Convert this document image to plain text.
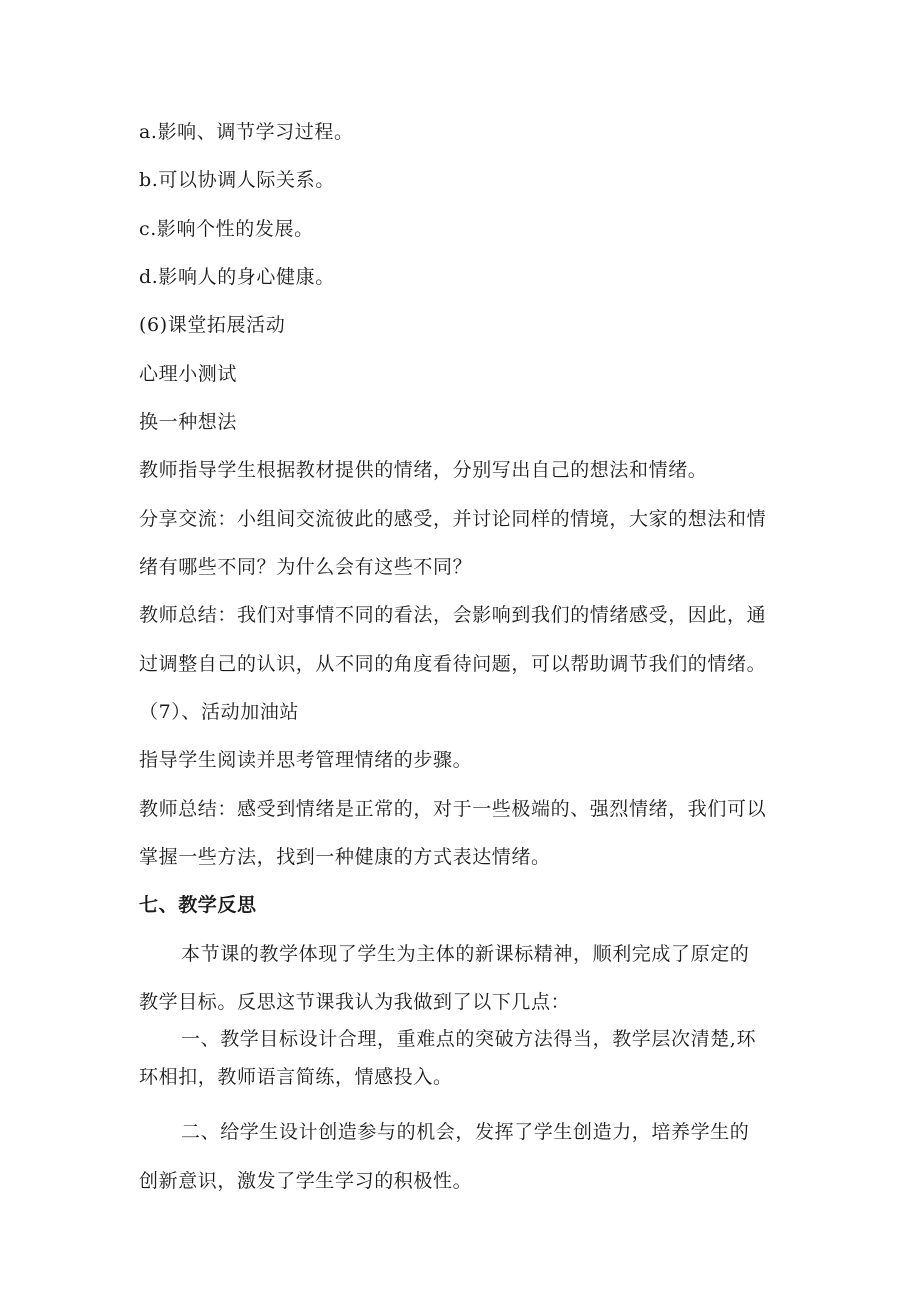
a.影响、调节学习过程。
b.可以协调人际关系。
c.影响个性的发展。
d.影响人的身心健康。
(6)课堂拓展活动
心理小测试
换一种想法
教师指导学生根据教材提供的情绪，分别写出自己的想法和情绪。
分享交流：小组间交流彼此的感受，并讨论同样的情境，大家的想法和情
绪有哪些不同？为什么会有这些不同？
教师总结：我们对事情不同的看法，会影响到我们的情绪感受，因此，通
过调整自己的认识，从不同的角度看待问题，可以帮助调节我们的情绪。
（7）、活动加油站
指导学生阅读并思考管理情绪的步骤。
教师总结：感受到情绪是正常的，对于一些极端的、强烈情绪，我们可以
掌握一些方法，找到一种健康的方式表达情绪。
七、教学反思
本节课的教学体现了学生为主体的新课标精神，顺利完成了原定的
教学目标。反思这节课我认为我做到了以下几点：
一、教学目标设计合理，重难点的突破方法得当，教学层次清楚,环
环相扣，教师语言简练，情感投入。
二、给学生设计创造参与的机会，发挥了学生创造力，培养学生的
创新意识，激发了学生学习的积极性。
